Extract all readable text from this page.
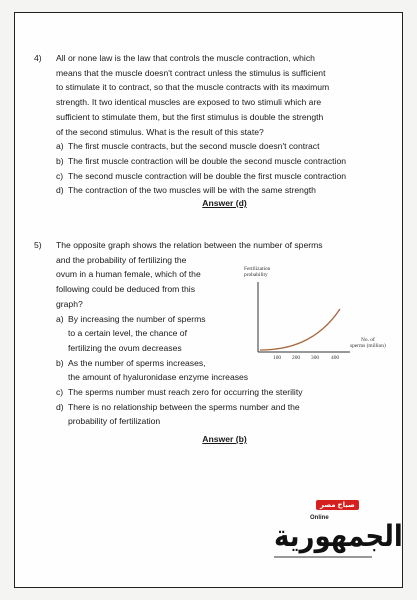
4) All or none law is the law that controls the muscle contraction, which
means that the muscle doesn't contract unless the stimulus is sufficient
to stimulate it to contract, so that the muscle contracts with its maximum
strength. It two identical muscles are exposed to two stimuli which are
sufficient to stimulate them, but the first stimulus is double the strength
of the second stimulus. What is the result of this state?
a) The first muscle contracts, but the second muscle doesn't contract
b) The first muscle contraction will be double the second muscle contraction
c) The second muscle contraction will be double the first muscle contraction
d) The contraction of the two muscles will be with the same strength
Answer (d)
5) The opposite graph shows the relation between the number of sperms
and the probability of fertilizing the
ovum in a human female, which of the
following could be deduced from this
graph?
a) By increasing the number of sperms
to a certain level, the chance of
fertilizing the ovum decreases
b) As the number of sperms increases,
the amount of hyaluronidase enzyme increases
c) The sperms number must reach zero for occurring the sterility
d) There is no relationship between the sperms number and the
probability of fertilization
Answer (b)
Fertilization
probability
100 200 300 400
No. of
sperms (million)
صباح مصر
Online
الجمهورية
